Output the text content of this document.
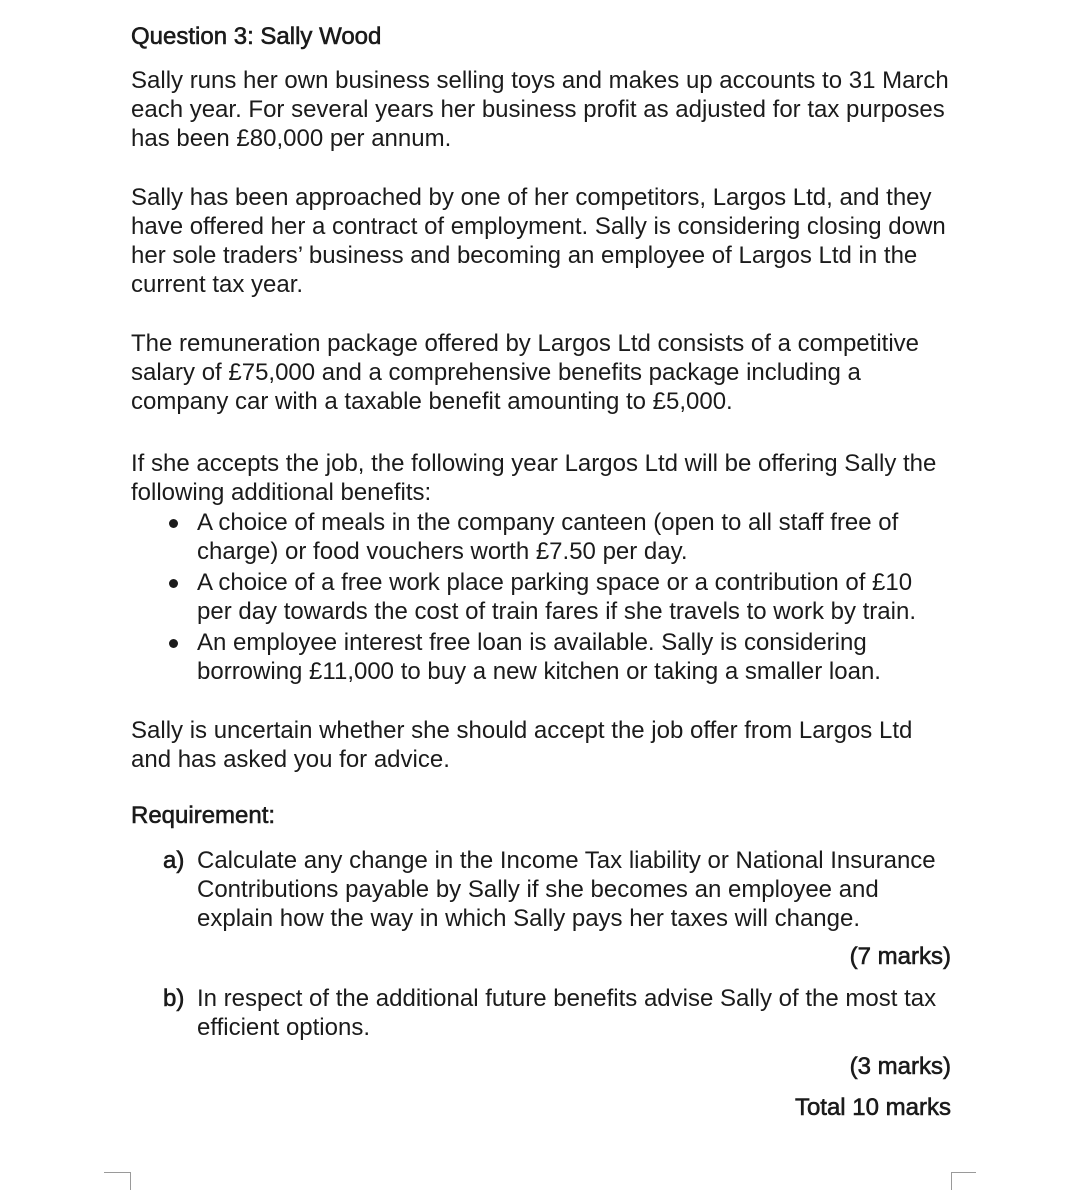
Question 3: Sally Wood

Sally runs her own business selling toys and makes up accounts to 31 March each year. For several years her business profit as adjusted for tax purposes has been £80,000 per annum.

Sally has been approached by one of her competitors, Largos Ltd, and they have offered her a contract of employment. Sally is considering closing down her sole traders’ business and becoming an employee of Largos Ltd in the current tax year.

The remuneration package offered by Largos Ltd consists of a competitive salary of £75,000 and a comprehensive benefits package including a company car with a taxable benefit amounting to £5,000.

If she accepts the job, the following year Largos Ltd will be offering Sally the following additional benefits:

A choice of meals in the company canteen (open to all staff free of charge) or food vouchers worth £7.50 per day.
A choice of a free work place parking space or a contribution of £10 per day towards the cost of train fares if she travels to work by train.
An employee interest free loan is available. Sally is considering borrowing £11,000 to buy a new kitchen or taking a smaller loan.

Sally is uncertain whether she should accept the job offer from Largos Ltd and has asked you for advice.

Requirement:
a) Calculate any change in the Income Tax liability or National Insurance Contributions payable by Sally if she becomes an employee and explain how the way in which Sally pays her taxes will change.
(7 marks)
b) In respect of the additional future benefits advise Sally of the most tax efficient options.
(3 marks)
Total 10 marks
